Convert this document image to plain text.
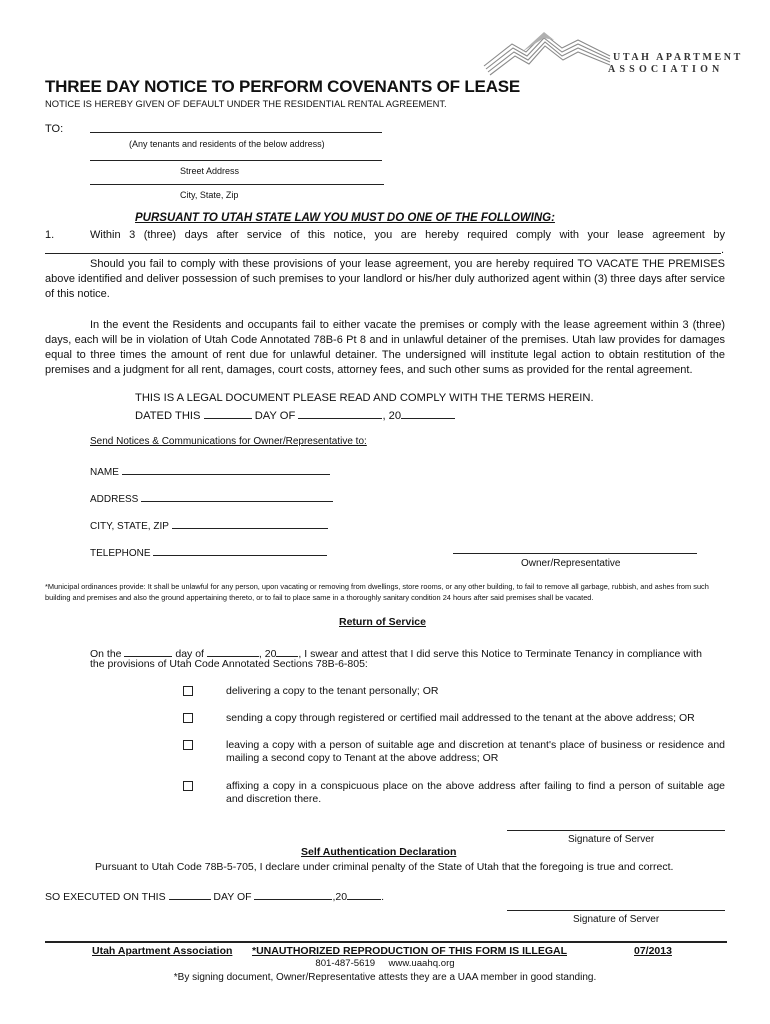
UTAH APARTMENT
ASSOCIATION
THREE DAY NOTICE TO PERFORM COVENANTS OF LEASE
NOTICE IS HEREBY GIVEN OF DEFAULT UNDER THE RESIDENTIAL RENTAL AGREEMENT.
TO:
(Any tenants and residents of the below address)
Street Address
City, State, Zip
PURSUANT TO UTAH STATE LAW YOU MUST DO ONE OF THE FOLLOWING:
1.	Within 3 (three) days after service of this notice, you are hereby required comply with your lease agreement by
.
Should you fail to comply with these provisions of your lease agreement, you are hereby required TO VACATE THE PREMISES above identified and deliver possession of such premises to your landlord or his/her duly authorized agent within (3) three days after service of this notice.
In the event the Residents and occupants fail to either vacate the premises or comply with the lease agreement within 3 (three) days, each will be in violation of Utah Code Annotated 78B-6 Pt 8 and in unlawful detainer of the premises. Utah law provides for damages equal to three times the amount of rent due for unlawful detainer. The undersigned will institute legal action to obtain restitution of the premises and a judgment for all rent, damages, court costs, attorney fees, and such other sums as provided for the rental agreement.
THIS IS A LEGAL DOCUMENT PLEASE READ AND COMPLY WITH THE TERMS HEREIN.
DATED THIS	DAY OF	, 20
Send Notices & Communications for Owner/Representative to:
NAME
ADDRESS
CITY, STATE, ZIP
TELEPHONE
Owner/Representative
*Municipal ordinances provide: It shall be unlawful for any person, upon vacating or removing from dwellings, store rooms, or any other building, to fail to remove all garbage, rubbish, and ashes from such building and premises and also the ground appertaining thereto, or to fail to place same in a thoroughly sanitary condition 24 hours after said premises shall be vacated.
Return of Service
On the	day of	, 20 , I swear and attest that I did serve this Notice to Terminate Tenancy in compliance with
the provisions of Utah Code Annotated Sections 78B-6-805:
delivering a copy to the tenant personally; OR
sending a copy through registered or certified mail addressed to the tenant at the above address; OR
leaving a copy with a person of suitable age and discretion at tenant's place of business or residence and mailing a second copy to Tenant at the above address; OR
affixing a copy in a conspicuous place on the above address after failing to find a person of suitable age and discretion there.
Signature of Server
Self Authentication Declaration
Pursuant to Utah Code 78B-5-705, I declare under criminal penalty of the State of Utah that the foregoing is true and correct.
SO EXECUTED ON THIS	DAY OF	,20	.
Signature of Server
Utah Apartment Association *UNAUTHORIZED REPRODUCTION OF THIS FORM IS ILLEGAL	07/2013
801-487-5619     www.uaahq.org
*By signing document, Owner/Representative attests they are a UAA member in good standing.
